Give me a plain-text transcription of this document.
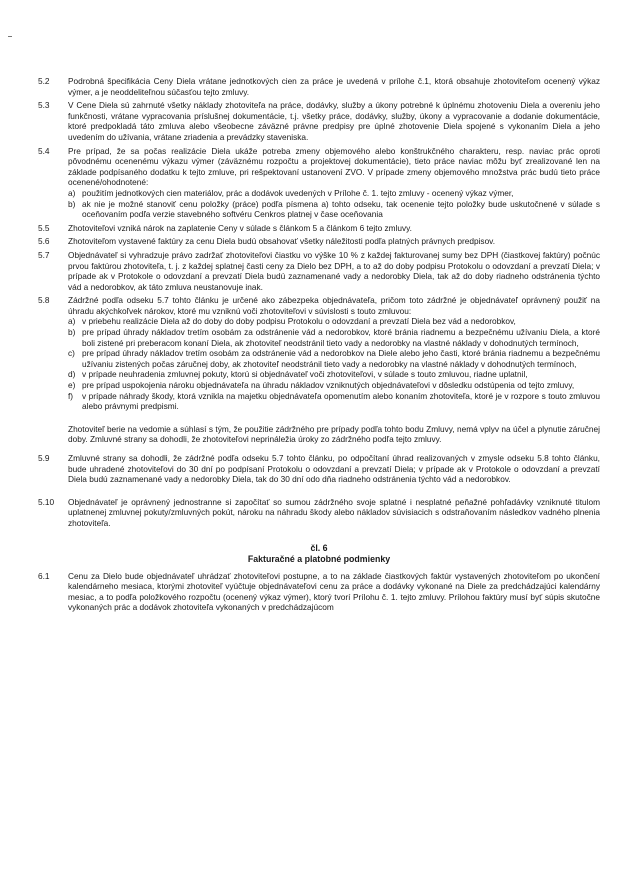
5.2	Podrobná špecifikácia Ceny Diela vrátane jednotkových cien za práce je uvedená v prílohe č.1, ktorá obsahuje zhotoviteľom ocenený výkaz výmer, a je neoddeliteľnou súčasťou tejto zmluvy.
5.3	V Cene Diela sú zahrnuté všetky náklady zhotoviteľa na práce, dodávky, služby a úkony potrebné k úplnému zhotoveniu Diela a overeniu jeho funkčnosti, vrátane vypracovania príslušnej dokumentácie, t.j. všetky práce, dodávky, služby, úkony a vypracovanie a dodanie dokumentácie, ktoré predpokladá táto zmluva alebo všeobecne záväzné právne predpisy pre úplné zhotovenie Diela spojené s vykonaním Diela a jeho uvedením do užívania, vrátane zriadenia a prevádzky staveniska.
5.4	Pre prípad, že sa počas realizácie Diela ukáže potreba zmeny objemového alebo konštrukčného charakteru, resp. naviac prác oproti pôvodnému ocenenému výkazu výmer (záväznému rozpočtu a projektovej dokumentácie), tieto práce naviac môžu byť zrealizované len na základe podpísaného dodatku k tejto zmluve, pri rešpektovaní ustanovení ZVO. V prípade zmeny objemového množstva prác budú tieto práce ocenené/ohodnotené:
a) použitím jednotkových cien materiálov, prác a dodávok uvedených v Prílohe č. 1. tejto zmluvy - ocenený výkaz výmer,
b) ak nie je možné stanoviť cenu položky (práce) podľa písmena a) tohto odseku, tak ocenenie tejto položky bude uskutočnené v súlade s oceňovaním podľa verzie stavebného softvéru Cenkros platnej v čase oceňovania
5.5	Zhotoviteľovi vzniká nárok na zaplatenie Ceny v súlade s článkom 5 a článkom 6 tejto zmluvy.
5.6	Zhotoviteľom vystavené faktúry za cenu Diela budú obsahovať všetky náležitosti podľa platných právnych predpisov.
5.7	Objednávateľ si vyhradzuje právo zadržať zhotoviteľovi čiastku vo výške 10 % z každej fakturovanej sumy bez DPH (čiastkovej faktúry) počnúc prvou faktúrou zhotoviteľa, t. j. z každej splatnej časti ceny za Dielo bez DPH, a to až do doby podpisu Protokolu o odovzdaní a prevzatí Diela; v prípade ak v Protokole o odovzdaní a prevzatí Diela budú zaznamenané vady a nedorobky Diela, tak až do doby riadneho odstránenia týchto vád a nedorobkov, ak táto zmluva neustanovuje inak.
5.8	Zádržné podľa odseku 5.7 tohto článku je určené ako zábezpeka objednávateľa, pričom toto zádržné je objednávateľ oprávnený použiť na úhradu akýchkoľvek nárokov, ktoré mu vzniknú voči zhotoviteľovi v súvislosti s touto zmluvou:
a) v priebehu realizácie Diela až do doby do doby podpisu Protokolu o odovzdaní a prevzatí Diela bez vád a nedorobkov,
b) pre prípad úhrady nákladov tretím osobám za odstránenie vád a nedorobkov, ktoré bránia riadnemu a bezpečnému užívaniu Diela, a ktoré boli zistené pri preberacom konaní Diela, ak zhotoviteľ neodstránil tieto vady a nedorobky na vlastné náklady v dohodnutých termínoch,
c) pre prípad úhrady nákladov tretím osobám za odstránenie vád a nedorobkov na Diele alebo jeho časti, ktoré bránia riadnemu a bezpečnému užívaniu zistených počas záručnej doby, ak zhotoviteľ neodstránil tieto vady a nedorobky na vlastné náklady v dohodnutých termínoch,
d) v prípade neuhradenia zmluvnej pokuty, ktorú si objednávateľ voči zhotoviteľovi, v súlade s touto zmluvou, riadne uplatnil,
e) pre prípad uspokojenia nároku objednávateľa na úhradu nákladov vzniknutých objednávateľovi v dôsledku odstúpenia od tejto zmluvy,
f) v prípade náhrady škody, ktorá vznikla na majetku objednávateľa opomenutím alebo konaním zhotoviteľa, ktoré je v rozpore s touto zmluvou alebo právnymi predpismi.
Zhotoviteľ berie na vedomie a súhlasí s tým, že použitie zádržného pre prípady podľa tohto bodu Zmluvy, nemá vplyv na účel a plynutie záručnej doby. Zmluvné strany sa dohodli, že zhotoviteľovi neprináležia úroky zo zádržného podľa tejto zmluvy.
5.9	Zmluvné strany sa dohodli, že zádržné podľa odseku 5.7 tohto článku, po odpočítaní úhrad realizovaných v zmysle odseku 5.8 tohto článku, bude uhradené zhotoviteľovi do 30 dní po podpísaní Protokolu o odovzdaní a prevzatí Diela; v prípade ak v Protokole o odovzdaní a prevzatí Diela budú zaznamenané vady a nedorobky Diela, tak do 30 dní odo dňa riadneho odstránenia týchto vád a nedorobkov.
5.10	Objednávateľ je oprávnený jednostranne si započítať so sumou zádržného svoje splatné i nesplatné peňažné pohľadávky vzniknuté titulom uplatnenej zmluvnej pokuty/zmluvných pokút, nároku na náhradu škody alebo nákladov súvisiacich s odstraňovaním následkov vadného plnenia zhotoviteľa.
čl. 6
Fakturačné a platobné podmienky
6.1	Cenu za Dielo bude objednávateľ uhrádzať zhotoviteľovi postupne, a to na základe čiastkových faktúr vystavených zhotoviteľom po ukončení kalendárneho mesiaca, ktorými zhotoviteľ vyúčtuje objednávateľovi cenu za práce a dodávky vykonané na Diele za predchádzajúci kalendárny mesiac, a to podľa položkového rozpočtu (ocenený výkaz výmer), ktorý tvorí Prílohu č. 1. tejto zmluvy. Prílohou faktúry musí byť súpis skutočne vykonaných prác a dodávok zhotoviteľa vykonaných v predchádzajúcom
